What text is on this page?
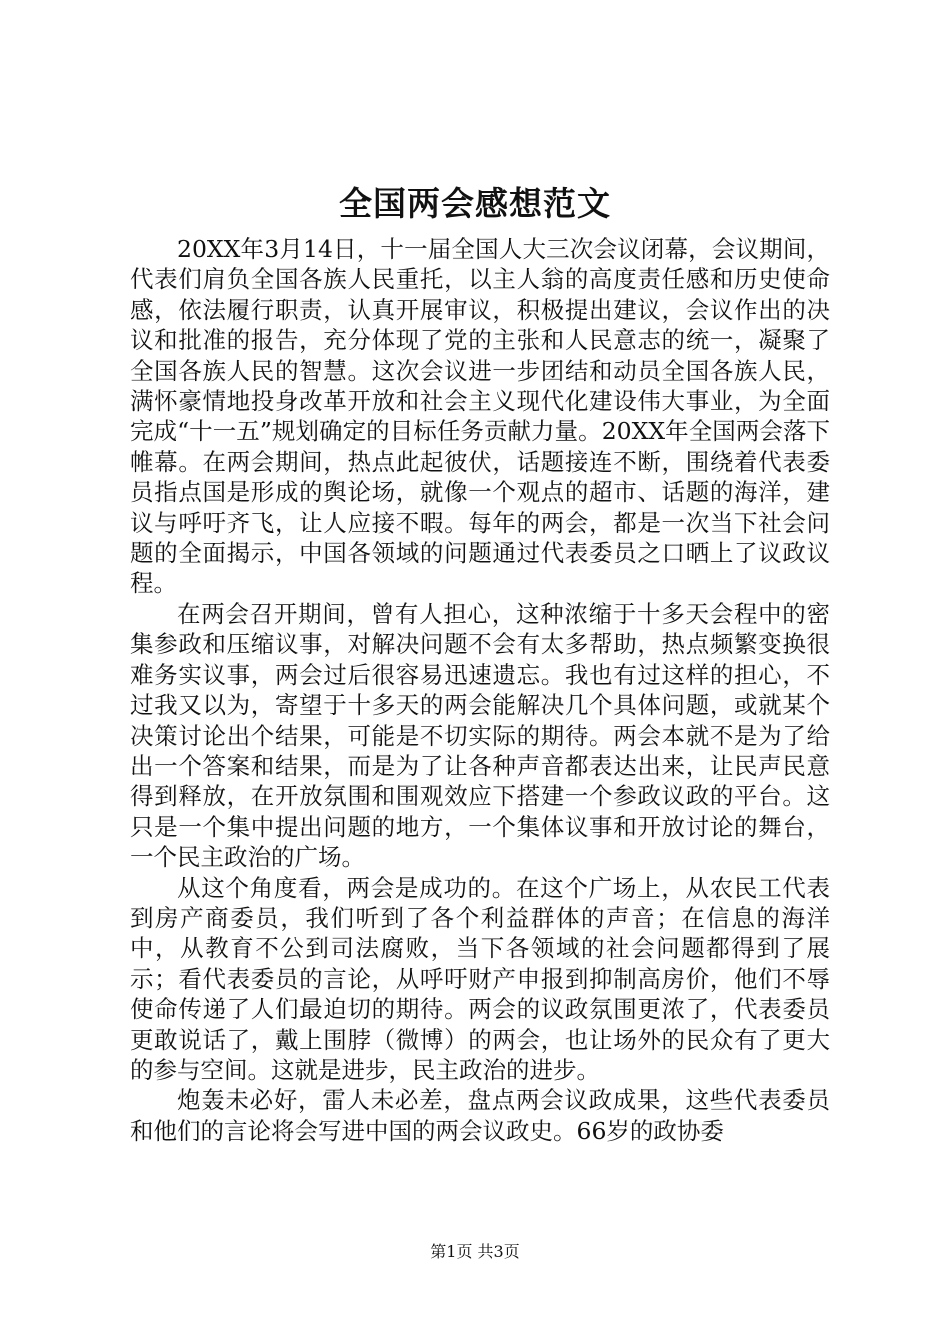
全国两会感想范文

20XX年3月14日，十一届全国人大三次会议闭幕，会议期间，代表们肩负全国各族人民重托，以主人翁的高度责任感和历史使命感，依法履行职责，认真开展审议，积极提出建议，会议作出的决议和批准的报告，充分体现了党的主张和人民意志的统一，凝聚了全国各族人民的智慧。这次会议进一步团结和动员全国各族人民，满怀豪情地投身改革开放和社会主义现代化建设伟大事业，为全面完成“十一五”规划确定的目标任务贡献力量。20XX年全国两会落下帷幕。在两会期间，热点此起彼伏，话题接连不断，围绕着代表委员指点国是形成的舆论场，就像一个观点的超市、话题的海洋，建议与呼吁齐飞，让人应接不暇。每年的两会，都是一次当下社会问题的全面揭示，中国各领域的问题通过代表委员之口晒上了议政议程。

在两会召开期间，曾有人担心，这种浓缩于十多天会程中的密集参政和压缩议事，对解决问题不会有太多帮助，热点频繁变换很难务实议事，两会过后很容易迅速遗忘。我也有过这样的担心，不过我又以为，寄望于十多天的两会能解决几个具体问题，或就某个决策讨论出个结果，可能是不切实际的期待。两会本就不是为了给出一个答案和结果，而是为了让各种声音都表达出来，让民声民意得到释放，在开放氛围和围观效应下搭建一个参政议政的平台。这只是一个集中提出问题的地方，一个集体议事和开放讨论的舞台，一个民主政治的广场。

从这个角度看，两会是成功的。在这个广场上，从农民工代表到房产商委员，我们听到了各个利益群体的声音；在信息的海洋中，从教育不公到司法腐败，当下各领域的社会问题都得到了展示；看代表委员的言论，从呼吁财产申报到抑制高房价，他们不辱使命传递了人们最迫切的期待。两会的议政氛围更浓了，代表委员更敢说话了，戴上围脖（微博）的两会，也让场外的民众有了更大的参与空间。这就是进步，民主政治的进步。

炮轰未必好，雷人未必差，盘点两会议政成果，这些代表委员和他们的言论将会写进中国的两会议政史。66岁的政协委

第1页 共3页
